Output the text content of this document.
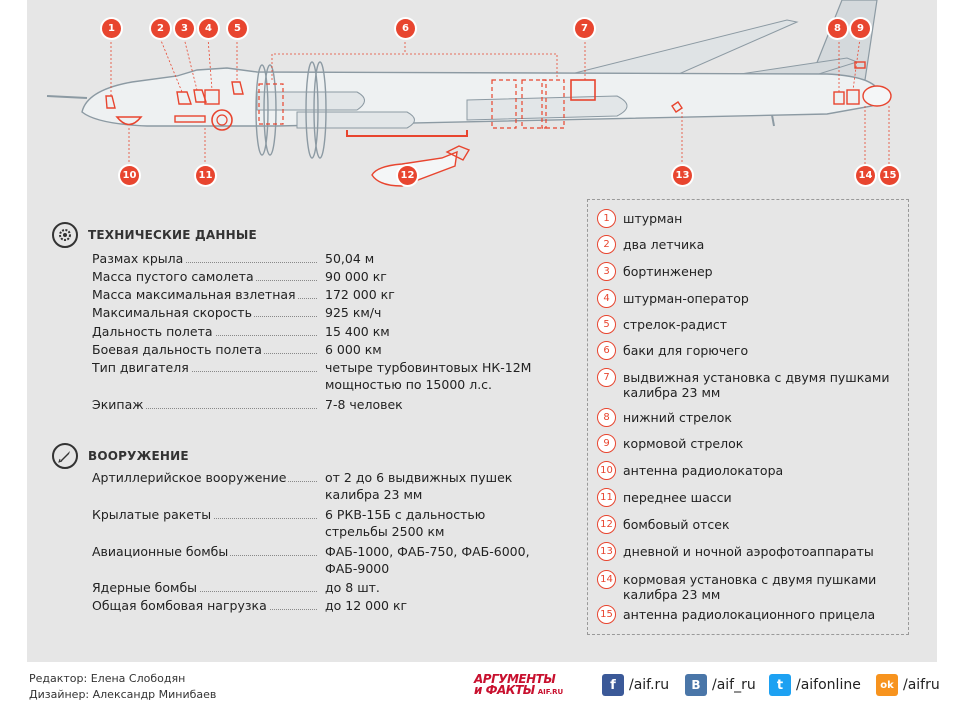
1	2	3	4	5	6	7	8	9
10	11	12	13	14 15
ТЕХНИЧЕСКИЕ ДАННЫЕ
Размах крыла	50,04 м
Масса пустого самолета	90 000 кг
Масса максимальная взлетная	172 000 кг
Максимальная скорость	925 км/ч
Дальность полета	15 400 км
Боевая дальность полета	6 000 км
Тип двигателя	четыре турбовинтовых НК-12М
мощностью по 15000 л.с.
Экипаж	7-8 человек
ВООРУЖЕНИЕ
Артиллерийское вооружение	от 2 до 6 выдвижных пушек
калибра 23 мм
Крылатые ракеты	6 РКВ-15Б с дальностью
стрельбы 2500 км
Авиационные бомбы	ФАБ-1000, ФАБ-750, ФАБ-6000,
ФАБ-9000
Ядерные бомбы	до 8 шт.
Общая бомбовая нагрузка	до 12 000 кг
1	штурман
2	два летчика
3	бортинженер
4	штурман-оператор
5	стрелок-радист
6	баки для горючего
7	выдвижная установка с двумя пушками калибра 23 мм
8	нижний стрелок
9	кормовой стрелок
10 антенна радиолокатора
11 переднее шасси
12 бомбовый отсек
13 дневной и ночной аэрофотоаппараты
14 кормовая установка с двумя пушками калибра 23 мм
15 антенна радиолокационного прицела
Редактор: Елена Слободян
Дизайнер: Александр Минибаев
АРГУМЕНТЫ
и ФАКТЫ AIF.RU	f /aif.ru	B /aif_ru	t /aifonline	ok /aifru
